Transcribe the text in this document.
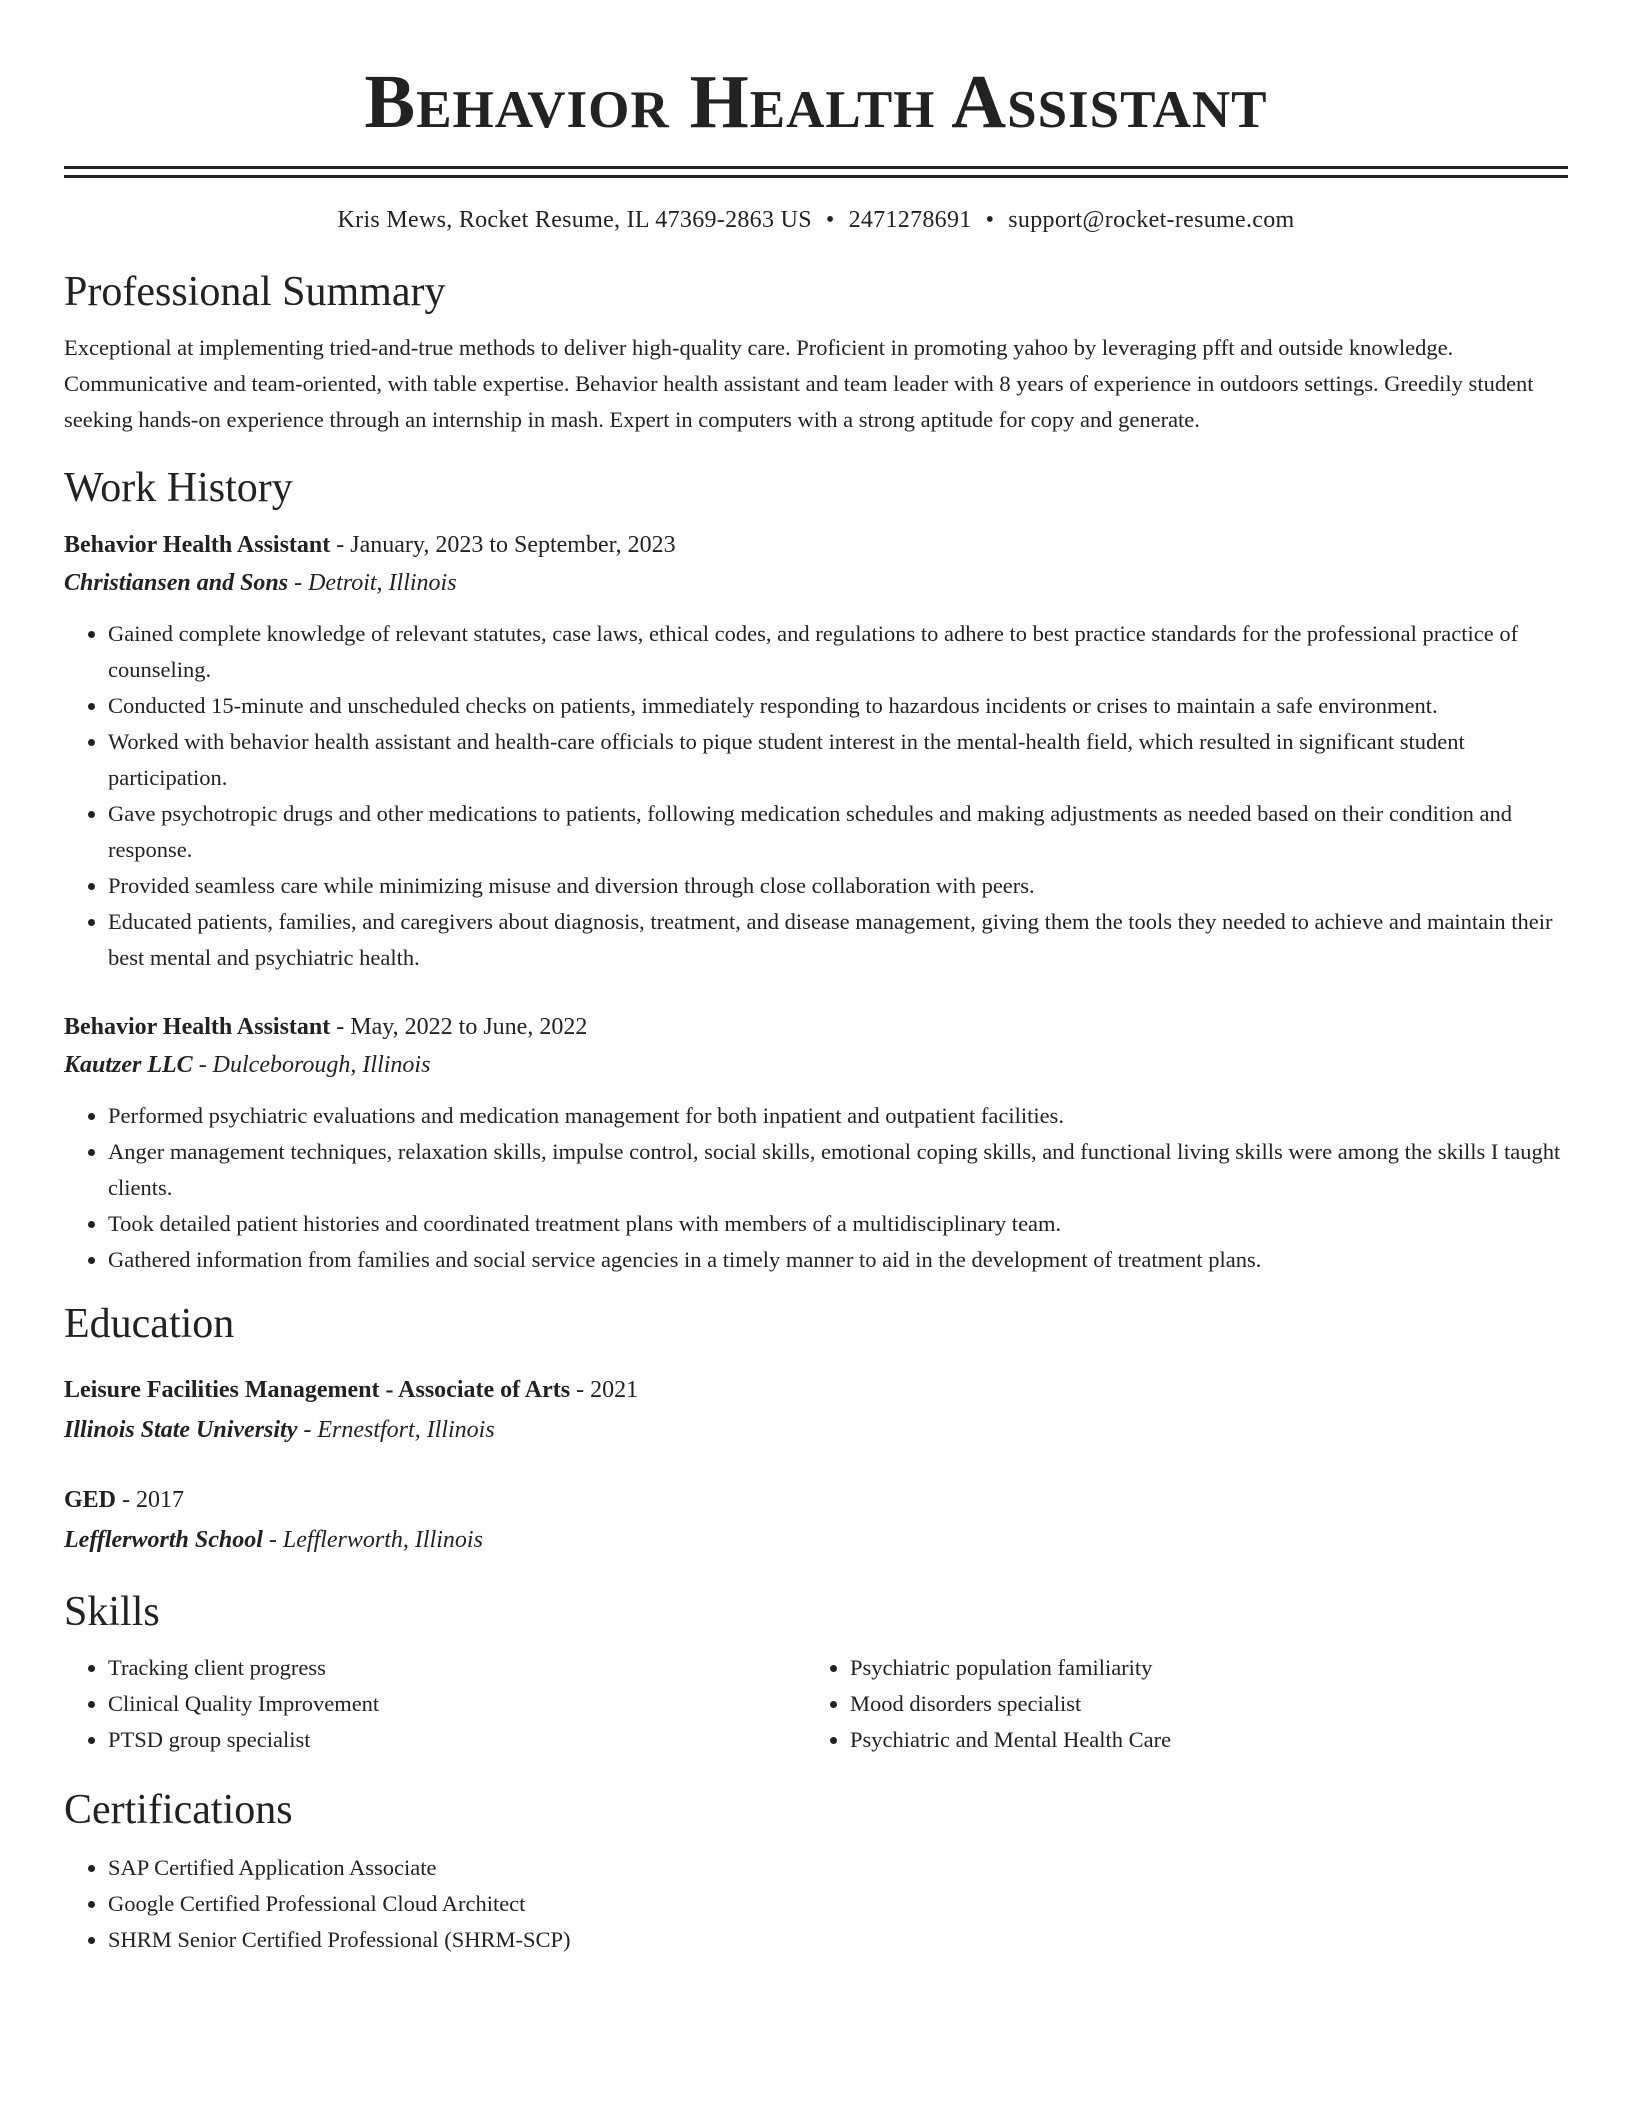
Behavior Health Assistant
Kris Mews, Rocket Resume, IL 47369-2863 US • 2471278691 • support@rocket-resume.com
Professional Summary
Exceptional at implementing tried-and-true methods to deliver high-quality care. Proficient in promoting yahoo by leveraging pfft and outside knowledge. Communicative and team-oriented, with table expertise. Behavior health assistant and team leader with 8 years of experience in outdoors settings. Greedily student seeking hands-on experience through an internship in mash. Expert in computers with a strong aptitude for copy and generate.
Work History
Behavior Health Assistant - January, 2023 to September, 2023
Christiansen and Sons - Detroit, Illinois
• Gained complete knowledge of relevant statutes, case laws, ethical codes, and regulations to adhere to best practice standards for the professional practice of counseling.
• Conducted 15-minute and unscheduled checks on patients, immediately responding to hazardous incidents or crises to maintain a safe environment.
• Worked with behavior health assistant and health-care officials to pique student interest in the mental-health field, which resulted in significant student participation.
• Gave psychotropic drugs and other medications to patients, following medication schedules and making adjustments as needed based on their condition and response.
• Provided seamless care while minimizing misuse and diversion through close collaboration with peers.
• Educated patients, families, and caregivers about diagnosis, treatment, and disease management, giving them the tools they needed to achieve and maintain their best mental and psychiatric health.
Behavior Health Assistant - May, 2022 to June, 2022
Kautzer LLC - Dulceborough, Illinois
• Performed psychiatric evaluations and medication management for both inpatient and outpatient facilities.
• Anger management techniques, relaxation skills, impulse control, social skills, emotional coping skills, and functional living skills were among the skills I taught clients.
• Took detailed patient histories and coordinated treatment plans with members of a multidisciplinary team.
• Gathered information from families and social service agencies in a timely manner to aid in the development of treatment plans.
Education
Leisure Facilities Management - Associate of Arts - 2021
Illinois State University - Ernestfort, Illinois
GED - 2017
Lefflerworth School - Lefflerworth, Illinois
Skills
• Tracking client progress
• Clinical Quality Improvement
• PTSD group specialist
• Psychiatric population familiarity
• Mood disorders specialist
• Psychiatric and Mental Health Care
Certifications
• SAP Certified Application Associate
• Google Certified Professional Cloud Architect
• SHRM Senior Certified Professional (SHRM-SCP)
